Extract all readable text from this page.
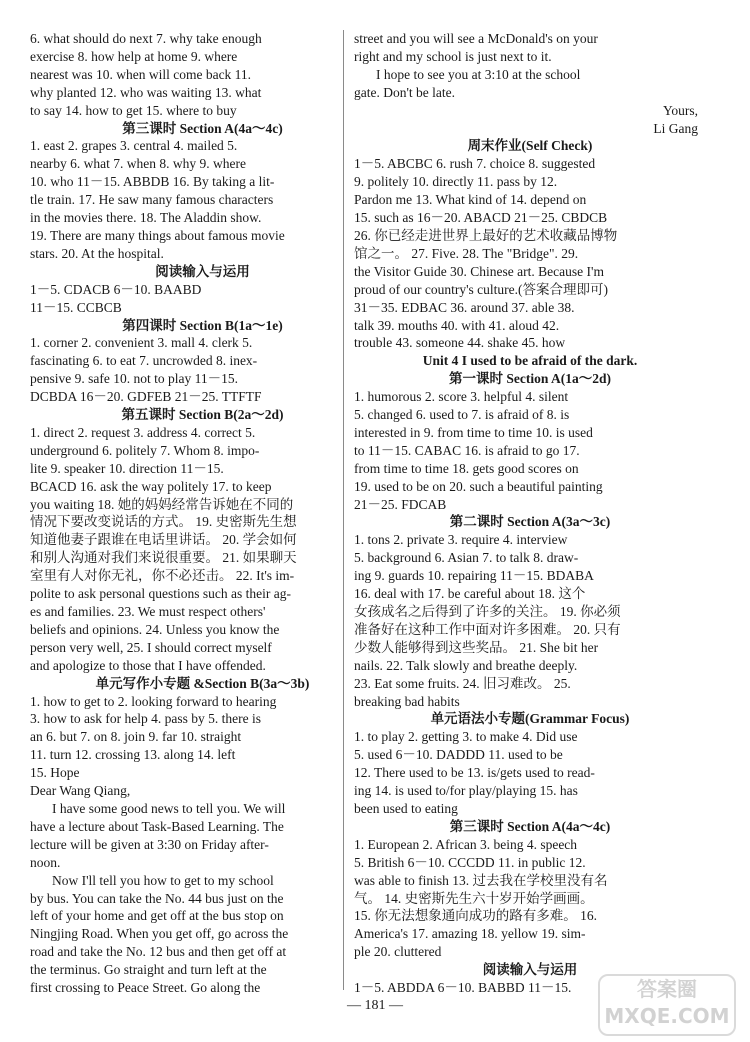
6. what should do next 7. why take enough
exercise 8. how help at home 9. where
nearest was 10. when will come back 11.
why planted 12. who was waiting 13. what
to say 14. how to get 15. where to buy
第三课时 Section A(4a～4c)
1. east 2. grapes 3. central 4. mailed 5.
nearby 6. what 7. when 8. why 9. where
10. who 11－15. ABBDB 16. By taking a lit-
tle train. 17. He saw many famous characters
in the movies there. 18. The Aladdin show.
19. There are many things about famous movie
stars. 20. At the hospital.
阅读输入与运用
1－5. CDACB 6－10. BAABD
11－15. CCBCB
第四课时 Section B(1a～1e)
1. corner 2. convenient 3. mall 4. clerk 5.
fascinating 6. to eat 7. uncrowded 8. inex-
pensive 9. safe 10. not to play 11－15.
DCBDA 16－20. GDFEB 21－25. TTFTF
第五课时 Section B(2a～2d)
1. direct 2. request 3. address 4. correct 5.
underground 6. politely 7. Whom 8. impo-
lite 9. speaker 10. direction 11－15.
BCACD 16. ask the way politely 17. to keep
you waiting 18. 她的妈妈经常告诉她在不同的
情况下要改变说话的方式。 19. 史密斯先生想
知道他妻子跟谁在电话里讲话。 20. 学会如何
和别人沟通对我们来说很重要。 21. 如果聊天
室里有人对你无礼，你不必还击。 22. It's im-
polite to ask personal questions such as their ag-
es and families. 23. We must respect others'
beliefs and opinions. 24. Unless you know the
person very well, 25. I should correct myself
and apologize to those that I have offended.
单元写作小专题 &Section B(3a～3b)
1. how to get to 2. looking forward to hearing
3. how to ask for help 4. pass by 5. there is
an 6. but 7. on 8. join 9. far 10. straight
11. turn 12. crossing 13. along 14. left
15. Hope
Dear Wang Qiang,
I have some good news to tell you. We will
have a lecture about Task-Based Learning. The
lecture will be given at 3:30 on Friday after-
noon.
Now I'll tell you how to get to my school
by bus. You can take the No. 44 bus just on the
left of your home and get off at the bus stop on
Ningjing Road. When you get off, go across the
road and take the No. 12 bus and then get off at
the terminus. Go straight and turn left at the
first crossing to Peace Street. Go along the
street and you will see a McDonald's on your
right and my school is just next to it.
I hope to see you at 3:10 at the school
gate. Don't be late.
Yours,
Li Gang
周末作业(Self Check)
1－5. ABCBC 6. rush 7. choice 8. suggested
9. politely 10. directly 11. pass by 12.
Pardon me 13. What kind of 14. depend on
15. such as 16－20. ABACD 21－25. CBDCB
26. 你已经走进世界上最好的艺术收藏品博物
馆之一。 27. Five. 28. The "Bridge". 29.
the Visitor Guide 30. Chinese art. Because I'm
proud of our country's culture.(答案合理即可)
31－35. EDBAC 36. around 37. able 38.
talk 39. mouths 40. with 41. aloud 42.
trouble 43. someone 44. shake 45. how
Unit 4 I used to be afraid of the dark.
第一课时 Section A(1a～2d)
1. humorous 2. score 3. helpful 4. silent
5. changed 6. used to 7. is afraid of 8. is
interested in 9. from time to time 10. is used
to 11－15. CABAC 16. is afraid to go 17.
from time to time 18. gets good scores on
19. used to be on 20. such a beautiful painting
21－25. FDCAB
第二课时 Section A(3a～3c)
1. tons 2. private 3. require 4. interview
5. background 6. Asian 7. to talk 8. draw-
ing 9. guards 10. repairing 11－15. BDABA
16. deal with 17. be careful about 18. 这个
女孩成名之后得到了许多的关注。 19. 你必须
准备好在这种工作中面对许多困难。 20. 只有
少数人能够得到这些奖品。 21. She bit her
nails. 22. Talk slowly and breathe deeply.
23. Eat some fruits. 24. 旧习难改。 25.
breaking bad habits
单元语法小专题(Grammar Focus)
1. to play 2. getting 3. to make 4. Did use
5. used 6－10. DADDD 11. used to be
12. There used to be 13. is/gets used to read-
ing 14. is used to/for play/playing 15. has
been used to eating
第三课时 Section A(4a～4c)
1. European 2. African 3. being 4. speech
5. British 6－10. CCCDD 11. in public 12.
was able to finish 13. 过去我在学校里没有名
气。 14. 史密斯先生六十岁开始学画画。
15. 你无法想象通向成功的路有多难。 16.
America's 17. amazing 18. yellow 19. sim-
ple 20. cluttered
阅读输入与运用
1－5. ABDDA 6－10. BABBD 11－15.
— 181 —
答案圈
MXQE.COM
